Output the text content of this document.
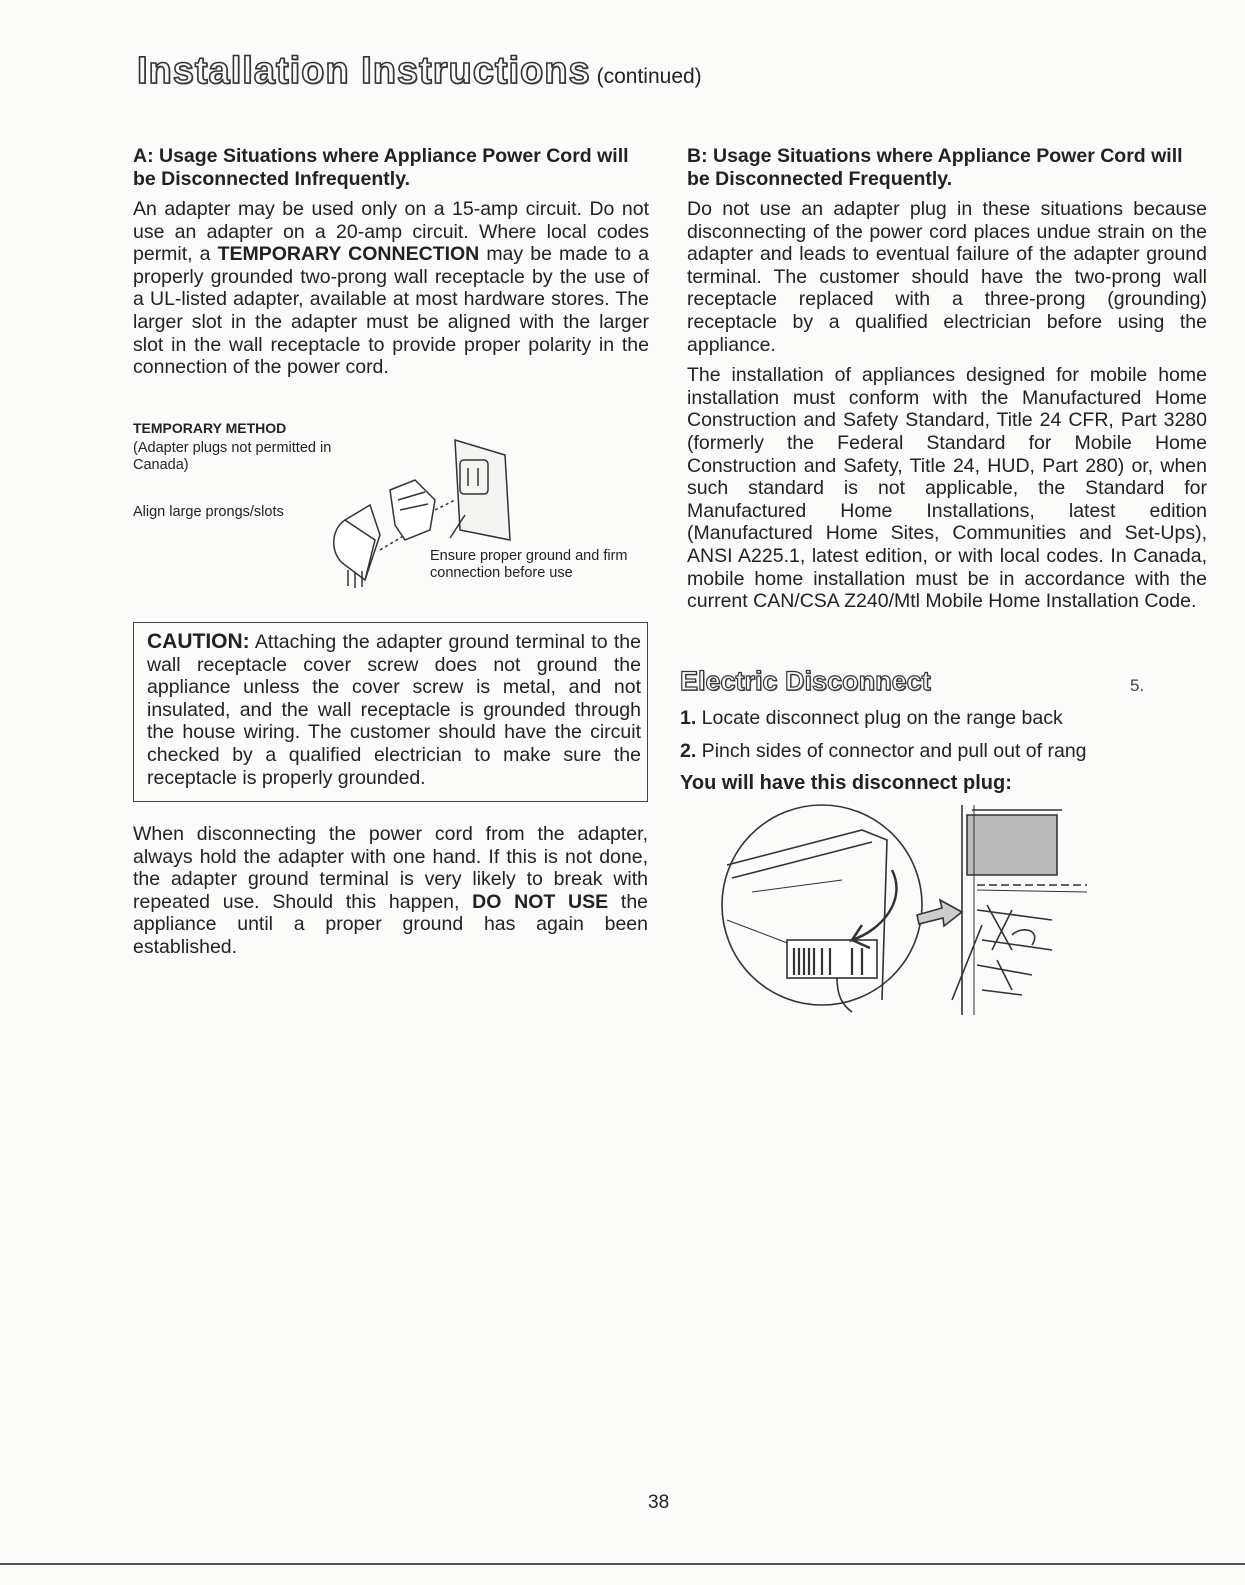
Installation Instructions (continued)
A: Usage Situations where Appliance Power Cord will be Disconnected Infrequently.

An adapter may be used only on a 15-amp circuit. Do not use an adapter on a 20-amp circuit. Where local codes permit, a TEMPORARY CONNECTION may be made to a properly grounded two-prong wall receptacle by the use of a UL-listed adapter, available at most hardware stores. The larger slot in the adapter must be aligned with the larger slot in the wall receptacle to provide proper polarity in the connection of the power cord.

TEMPORARY METHOD
(Adapter plugs not permitted in Canada)
Align large prongs/slots
Ensure proper ground and firm connection before use
CAUTION: Attaching the adapter ground terminal to the wall receptacle cover screw does not ground the appliance unless the cover screw is metal, and not insulated, and the wall receptacle is grounded through the house wiring. The customer should have the circuit checked by a qualified electrician to make sure the receptacle is properly grounded.

When disconnecting the power cord from the adapter, always hold the adapter with one hand. If this is not done, the adapter ground terminal is very likely to break with repeated use. Should this happen, DO NOT USE the appliance until a proper ground has again been established.

B: Usage Situations where Appliance Power Cord will be Disconnected Frequently.

Do not use an adapter plug in these situations because disconnecting of the power cord places undue strain on the adapter and leads to eventual failure of the adapter ground terminal. The customer should have the two-prong wall receptacle replaced with a three-prong (grounding) receptacle by a qualified electrician before using the appliance.

The installation of appliances designed for mobile home installation must conform with the Manufactured Home Construction and Safety Standard, Title 24 CFR, Part 3280 (formerly the Federal Standard for Mobile Home Construction and Safety, Title 24, HUD, Part 280) or, when such standard is not applicable, the Standard for Manufactured Home Installations, latest edition (Manufactured Home Sites, Communities and Set-Ups), ANSI A225.1, latest edition, or with local codes. In Canada, mobile home installation must be in accordance with the current CAN/CSA Z240/Mtl Mobile Home Installation Code.

Electric Disconnect	5.
1. Locate disconnect plug on the range back
2. Pinch sides of connector and pull out of rang
You will have this disconnect plug:
38
